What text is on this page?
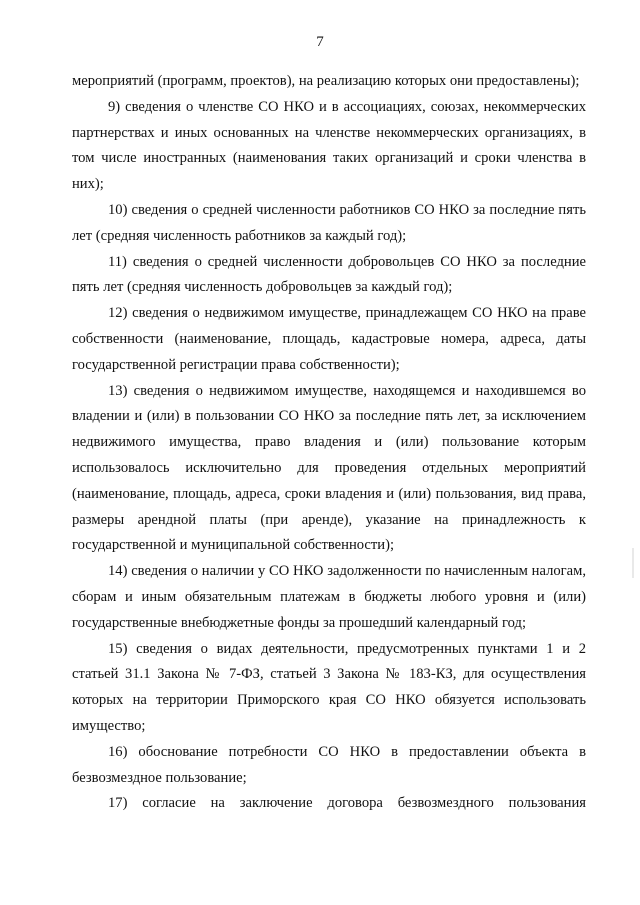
7

мероприятий (программ, проектов), на реализацию которых они предоставлены);

9) сведения о членстве СО НКО и в ассоциациях, союзах, некоммерческих партнерствах и иных основанных на членстве некоммерческих организациях, в том числе иностранных (наименования таких организаций и сроки членства в них);

10) сведения о средней численности работников СО НКО за последние пять лет (средняя численность работников за каждый год);

11) сведения о средней численности добровольцев СО НКО за последние пять лет (средняя численность добровольцев за каждый год);

12) сведения о недвижимом имуществе, принадлежащем СО НКО на праве собственности (наименование, площадь, кадастровые номера, адреса, даты государственной регистрации права собственности);

13) сведения о недвижимом имуществе, находящемся и находившемся во владении и (или) в пользовании СО НКО за последние пять лет, за исключением недвижимого имущества, право владения и (или) пользование которым использовалось исключительно для проведения отдельных мероприятий (наименование, площадь, адреса, сроки владения и (или) пользования, вид права, размеры арендной платы (при аренде), указание на принадлежность к государственной и муниципальной собственности);

14) сведения о наличии у СО НКО задолженности по начисленным налогам, сборам и иным обязательным платежам в бюджеты любого уровня и (или) государственные внебюджетные фонды за прошедший календарный год;

15) сведения о видах деятельности, предусмотренных пунктами 1 и 2 статьей 31.1 Закона № 7-ФЗ, статьей 3 Закона № 183-КЗ, для осуществления которых на территории Приморского края СО НКО обязуется использовать имущество;

16) обоснование потребности СО НКО в предоставлении объекта в безвозмездное пользование;

17) согласие на заключение договора безвозмездного пользования
